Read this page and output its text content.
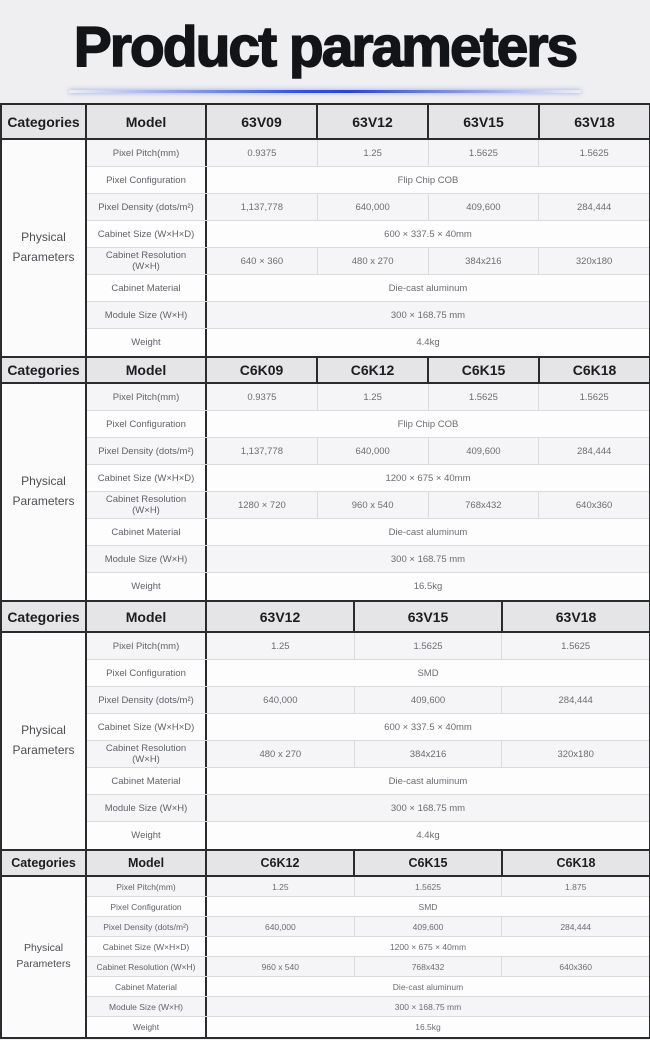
Product parameters
Categories	Model	63V09	63V12	63V15	63V18
Physical Parameters
Pixel Pitch(mm)	0.9375	1.25	1.5625	1.5625
Pixel Configuration	Flip Chip COB
Pixel Density (dots/m²)	1,137,778	640,000	409,600	284,444
Cabinet Size (W×H×D)	600 × 337.5 × 40mm
Cabinet Resolution (W×H)	640 × 360	480 x 270	384x216	320x180
Cabinet Material	Die-cast aluminum
Module Size (W×H)	300 × 168.75 mm
Weight	4.4kg
Categories	Model	C6K09	C6K12	C6K15	C6K18
Physical Parameters
Pixel Pitch(mm)	0.9375	1.25	1.5625	1.5625
Pixel Configuration	Flip Chip COB
Pixel Density (dots/m²)	1,137,778	640,000	409,600	284,444
Cabinet Size (W×H×D)	1200 × 675 × 40mm
Cabinet Resolution (W×H)	1280 × 720	960 x 540	768x432	640x360
Cabinet Material	Die-cast aluminum
Module Size (W×H)	300 × 168.75 mm
Weight	16.5kg
Categories	Model	63V12	63V15	63V18
Physical Parameters
Pixel Pitch(mm)	1.25	1.5625	1.5625
Pixel Configuration	SMD
Pixel Density (dots/m²)	640,000	409,600	284,444
Cabinet Size (W×H×D)	600 × 337.5 × 40mm
Cabinet Resolution (W×H)	480 x 270	384x216	320x180
Cabinet Material	Die-cast aluminum
Module Size (W×H)	300 × 168.75 mm
Weight	4.4kg
Categories	Model	C6K12	C6K15	C6K18
Physical Parameters
Pixel Pitch(mm)	1.25	1.5625	1.875
Pixel Configuration	SMD
Pixel Density (dots/m²)	640,000	409,600	284,444
Cabinet Size (W×H×D)	1200 × 675 × 40mm
Cabinet Resolution (W×H)	960 x 540	768x432	640x360
Cabinet Material	Die-cast aluminum
Module Size (W×H)	300 × 168.75 mm
Weight	16.5kg
